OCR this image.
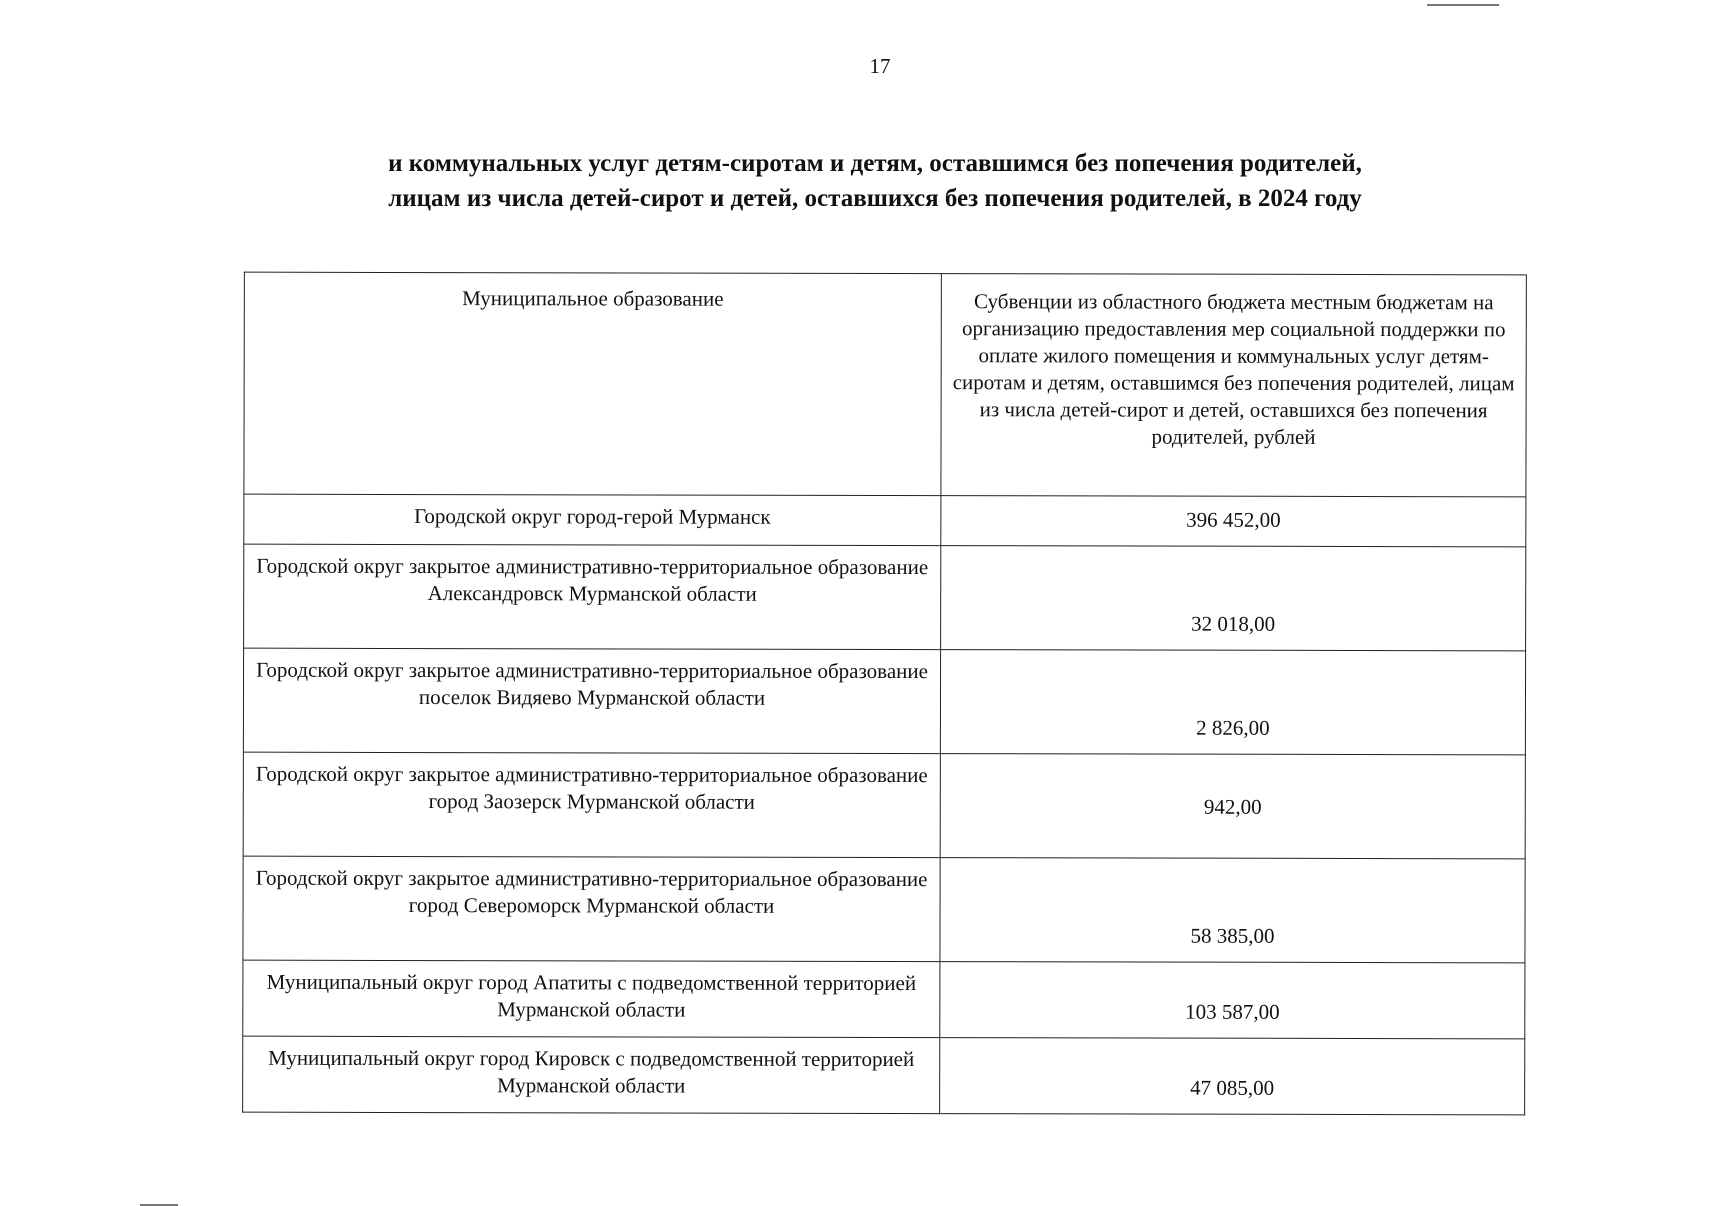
17
и коммунальных услуг детям-сиротам и детям, оставшимся без попечения родителей,
лицам из числа детей-сирот и детей, оставшихся без попечения родителей, в 2024 году
Муниципальное образование	Субвенции из областного бюджета местным бюджетам на организацию предоставления мер социальной поддержки по оплате жилого помещения и коммунальных услуг детям-сиротам и детям, оставшимся без попечения родителей, лицам из числа детей-сирот и детей, оставшихся без попечения родителей, рублей
Городской округ город-герой Мурманск	396 452,00
Городской округ закрытое административно-территориальное образование Александровск Мурманской области	32 018,00
Городской округ закрытое административно-территориальное образование поселок Видяево Мурманской области	2 826,00
Городской округ закрытое административно-территориальное образование город Заозерск Мурманской области	942,00
Городской округ закрытое административно-территориальное образование город Североморск Мурманской области	58 385,00
Муниципальный округ город Апатиты с подведомственной территорией Мурманской области	103 587,00
Муниципальный округ город Кировск с подведомственной территорией Мурманской области	47 085,00
